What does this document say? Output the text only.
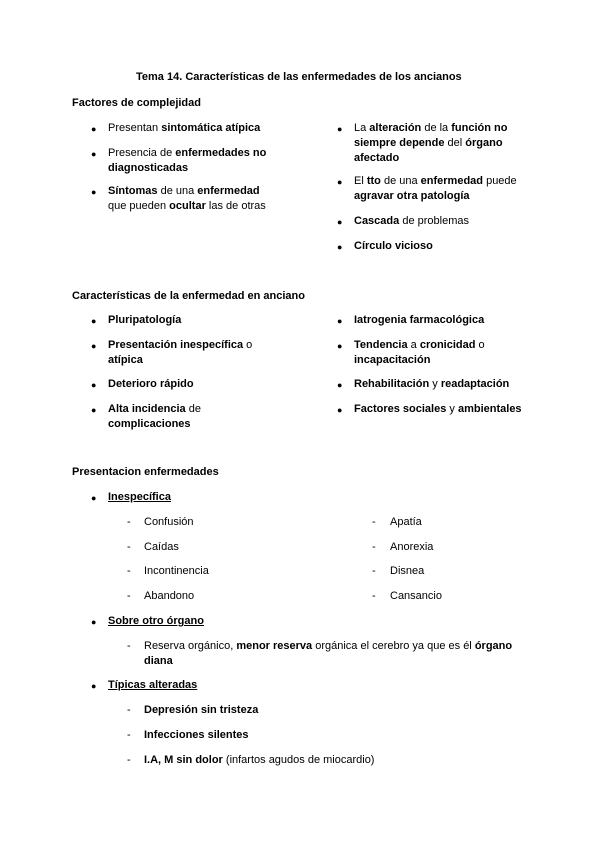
Tema 14. Características de las enfermedades de los ancianos
Factores de complejidad
● Presentan sintomática atípica
● Presencia de enfermedades no
diagnosticadas
● Síntomas de una enfermedad
que pueden ocultar las de otras
● La alteración de la función no
siempre depende del órgano
afectado
● El tto de una enfermedad puede
agravar otra patología
● Cascada de problemas
● Círculo vicioso
Características de la enfermedad en anciano
● Pluripatología
● Presentación inespecífica o
atípica
● Deterioro rápido
● Alta incidencia de
complicaciones
● Iatrogenia farmacológica
● Tendencia a cronicidad o
incapacitación
● Rehabilitación y readaptación
● Factores sociales y ambientales
Presentacion enfermedades
● Inespecífica
- Confusión
- Caídas
- Incontinencia
- Abandono
- Apatía
- Anorexia
- Disnea
- Cansancio
● Sobre otro órgano
- Reserva orgánico, menor reserva orgánica el cerebro ya que es él órgano
diana
● Típicas alteradas
- Depresión sin tristeza
- Infecciones silentes
- I.A, M sin dolor (infartos agudos de miocardio)
